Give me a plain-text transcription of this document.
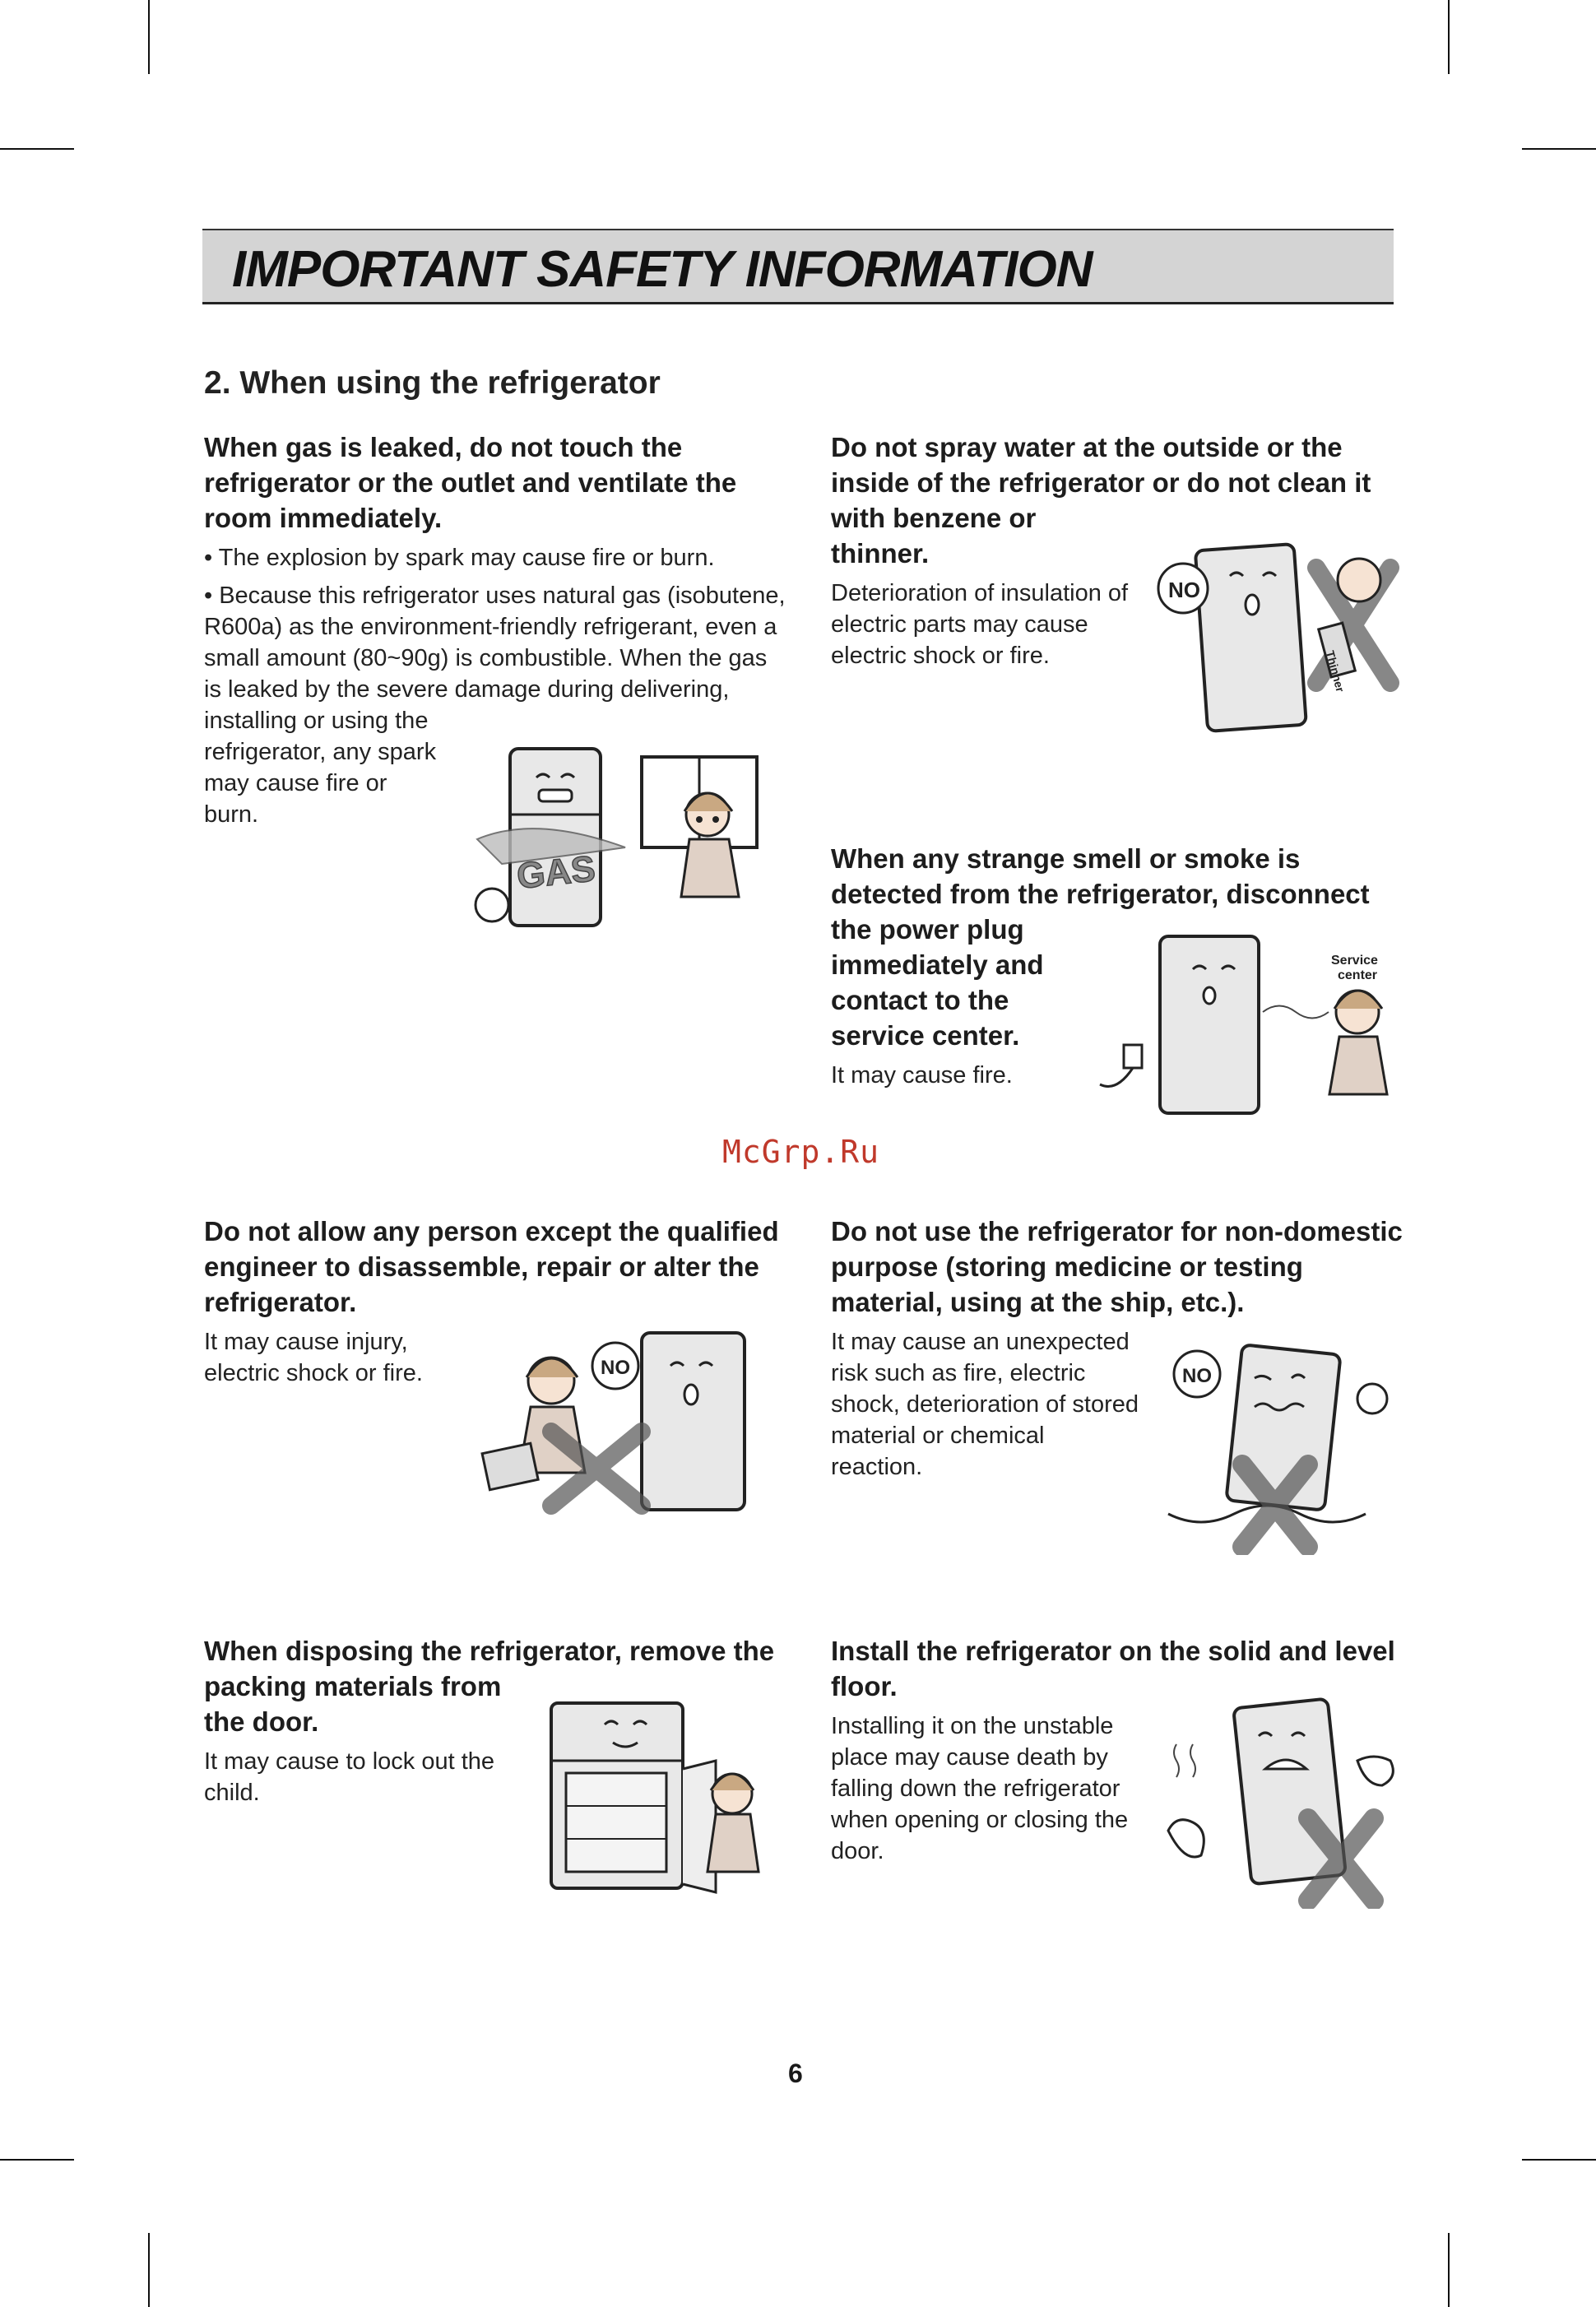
IMPORTANT SAFETY INFORMATION
2. When using the refrigerator
When gas is leaked, do not touch the
refrigerator or the outlet and ventilate the
room immediately.
• The explosion by spark may cause fire or burn.
• Because this refrigerator uses natural gas (isobutene,
R600a) as the environment-friendly refrigerant, even a
small amount (80~90g) is combustible. When the gas
is leaked by the severe damage during delivering,
installing or using the
refrigerator, any spark
may cause fire or
burn.
GAS
Do not spray water at the outside or the
inside of the refrigerator or do not clean it
with benzene or
thinner.
Deterioration of insulation of
electric parts may cause
electric shock or fire.
NO
Thinner
When any strange smell or smoke is
detected from the refrigerator, disconnect
the power plug
immediately and
contact to the
service center.
It may cause fire.
Service
center
McGrp.Ru
Do not allow any person except the qualified
engineer to disassemble, repair or alter the
refrigerator.
It may cause injury,
electric shock or fire.	NO
Do not use the refrigerator for non-domestic
purpose (storing medicine or testing
material, using at the ship, etc.).
It may cause an unexpected
risk such as fire, electric
shock, deterioration of stored
material or chemical
reaction.
NO
When disposing the refrigerator, remove the
packing materials from
the door.
It may cause to lock out the
child.
Install the refrigerator on the solid and level
floor.
Installing it on the unstable
place may cause death by
falling down the refrigerator
when opening or closing the
door.
6
